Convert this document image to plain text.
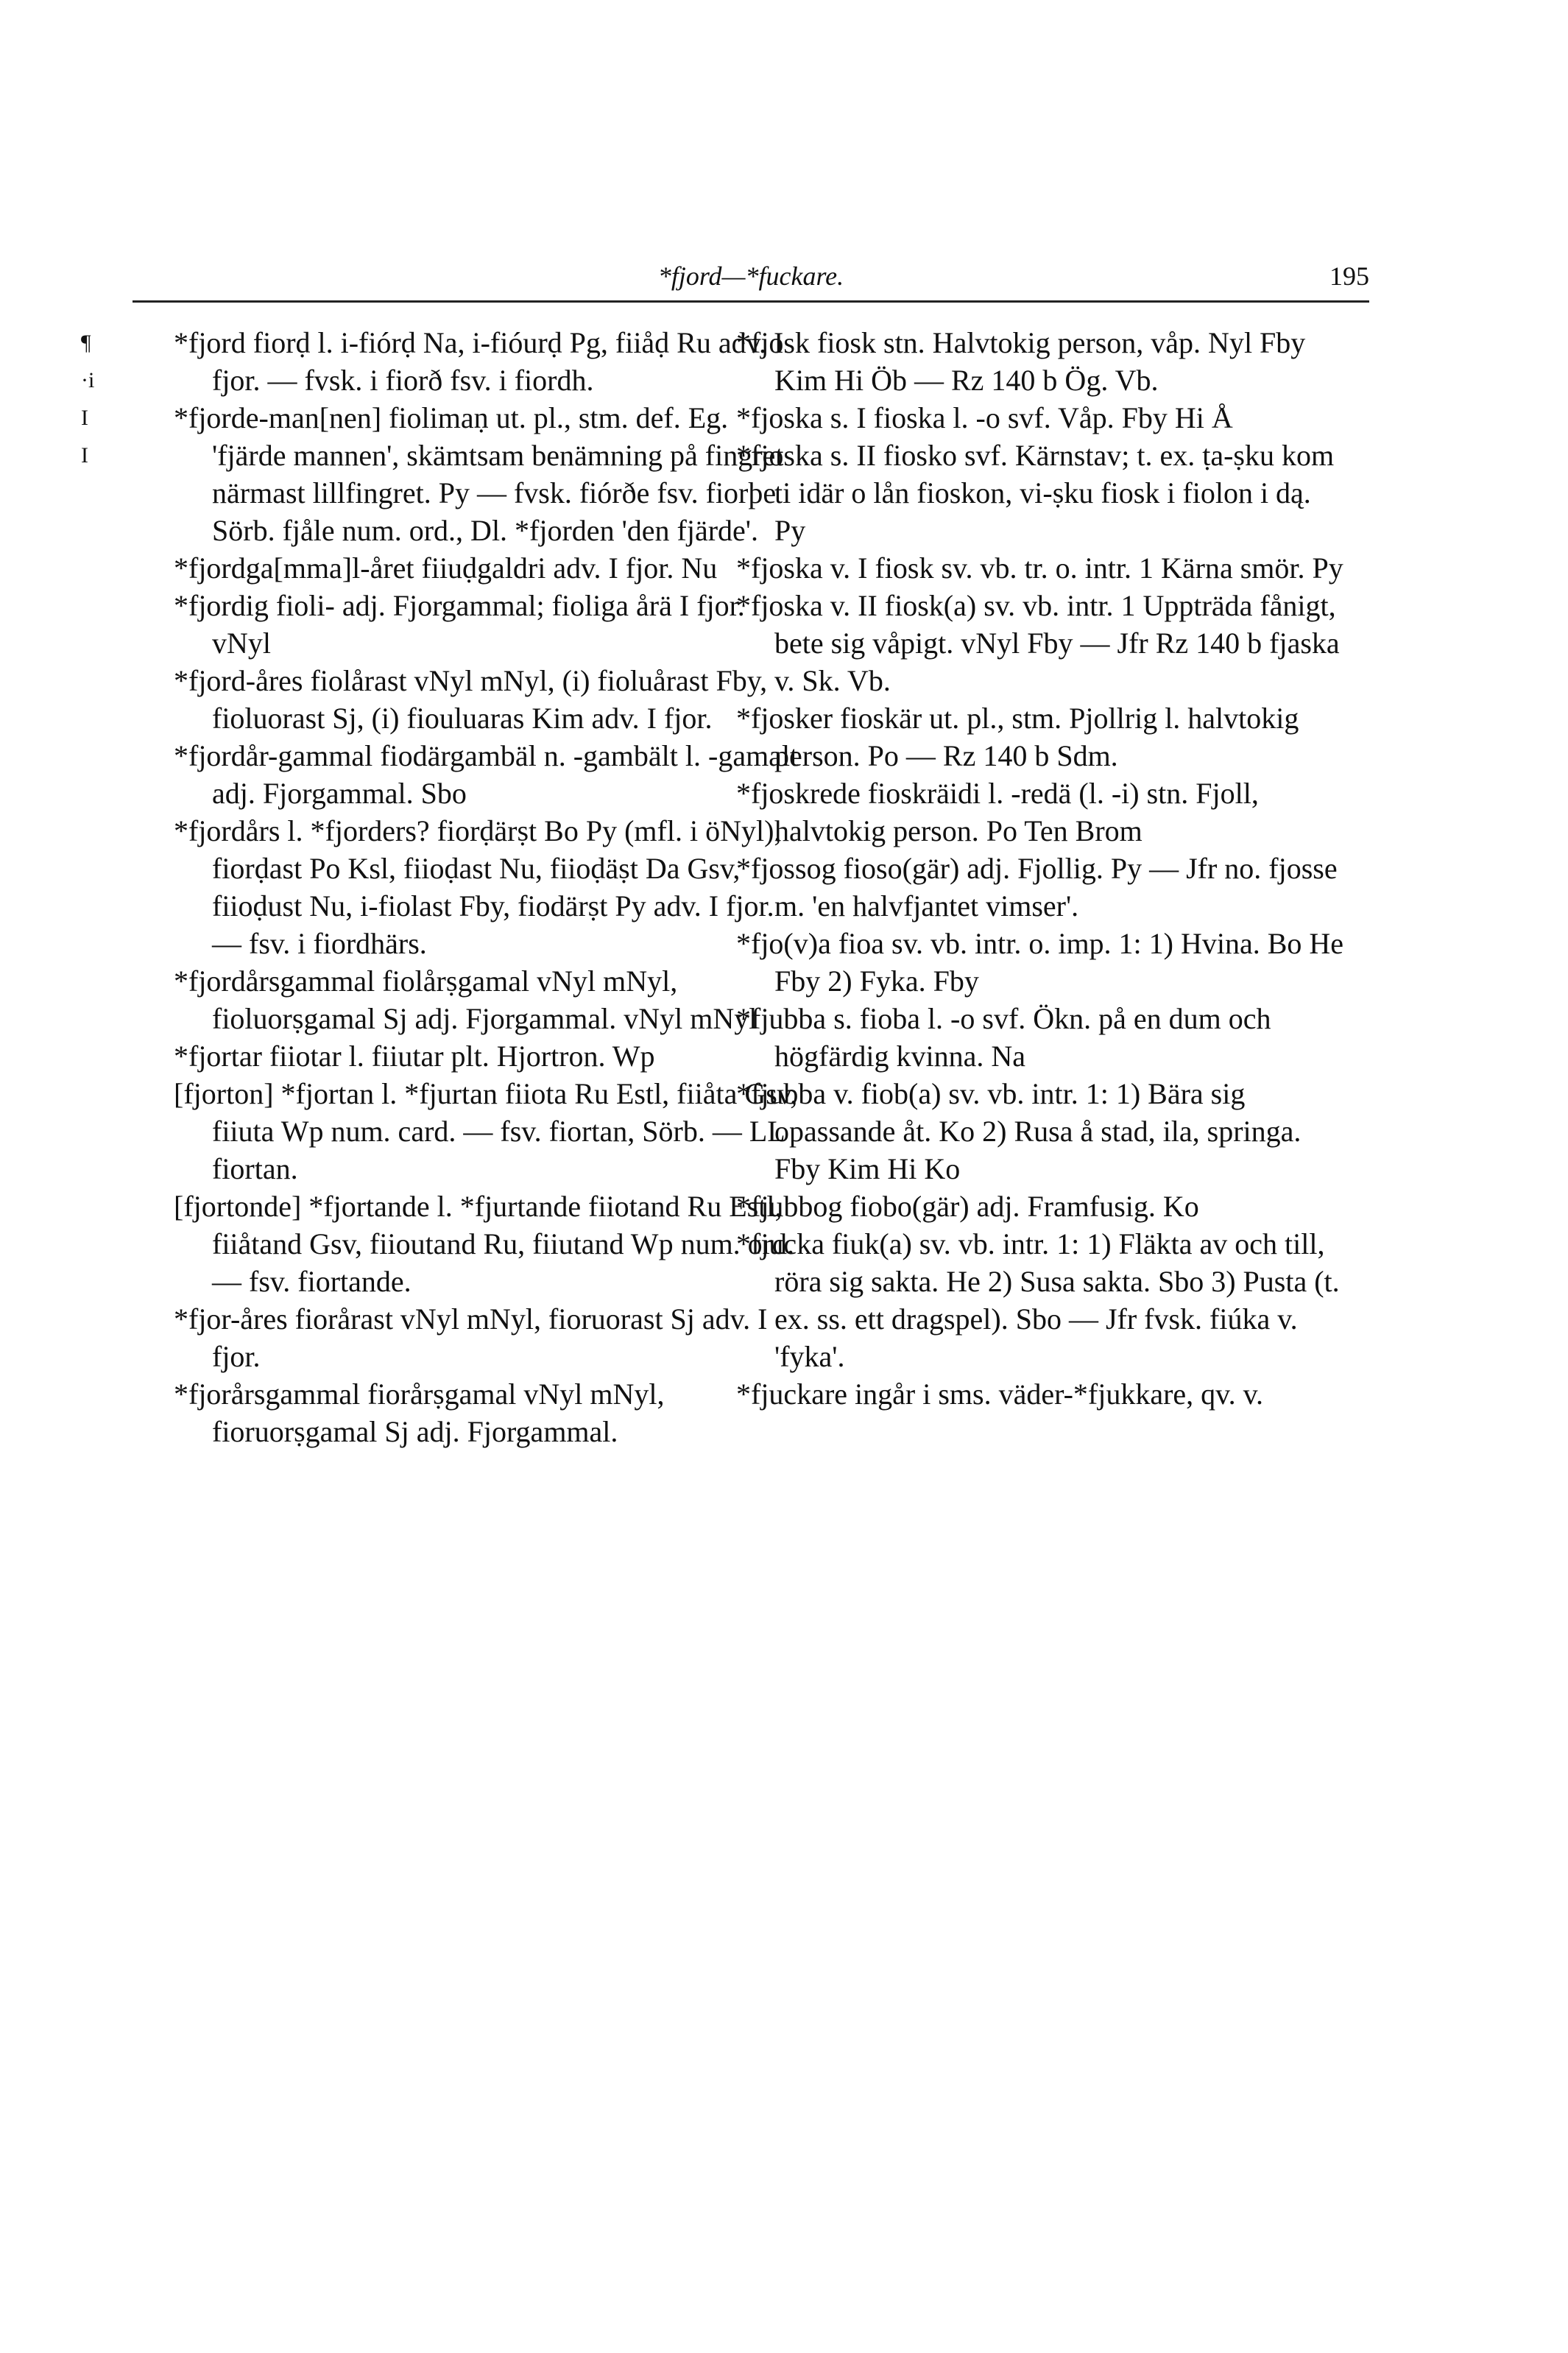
*fjord—*fuckare.	195
¶
·i
I
I

*fjord fiorḍ l. i-fiórḍ Na, i-fióurḍ Pg, fiiåḍ Ru adv. I fjor. — fvsk. i fiorð fsv. i fiordh.

*fjorde-man[nen] fiolimaṇ ut. pl., stm. def. Eg. 'fjärde mannen', skämtsam benämning på fingret närmast lillfingret. Py — fvsk. fiórðe fsv. fiorþe Sörb. fjåle num. ord., Dl. *fjorden 'den fjärde'.

*fjordga[mma]l-året fiiuḍgaldri adv. I fjor. Nu

*fjordig fioli- adj. Fjorgammal; fioliga årä I fjor. vNyl

*fjord-åres fiolårast vNyl mNyl, (i) fioluårast Fby, fioluorast Sj, (i) fiouluaras Kim adv. I fjor.

*fjordår-gammal fiodärgambäl n. -gambält l. -gamalt adj. Fjorgammal. Sbo

*fjordårs l. *fjorders? fiorḍärṣt Bo Py (mfl. i öNyl), fiorḍast Po Ksl, fiioḍast Nu, fiioḍäṣt Da Gsv, fiioḍust Nu, i-fiolast Fby, fiodärṣt Py adv. I fjor. — fsv. i fiordhärs.

*fjordårsgammal fiolårṣgamal vNyl mNyl, fioluorṣgamal Sj adj. Fjorgammal. vNyl mNyl

*fjortar fiiotar l. fiiutar plt. Hjortron. Wp

[fjorton] *fjortan l. *fjurtan fiiota Ru Estl, fiiåta Gsv, fiiuta Wp num. card. — fsv. fiortan, Sörb. — LL fiortan.

[fjortonde] *fjortande l. *fjurtande fiiotand Ru Estl, fiiåtand Gsv, fiioutand Ru, fiiutand Wp num. ord. — fsv. fiortande.

*fjor-åres fiorårast vNyl mNyl, fioruorast Sj adv. I fjor.

*fjorårsgammal fiorårṣgamal vNyl mNyl, fioruorṣgamal Sj adj. Fjorgammal.

*fjosk fiosk stn. Halvtokig person, våp. Nyl Fby Kim Hi Öb — Rz 140 b Ög. Vb.

*fjoska s. I fioska l. -o svf. Våp. Fby Hi Å

*fjoska s. II fiosko svf. Kärnstav; t. ex. ṭa-ṣku kom ti idär o lån fioskon, vi-ṣku fiosk i fiolon i dą. Py

*fjoska v. I fiosk sv. vb. tr. o. intr. 1 Kärna smör. Py

*fjoska v. II fiosk(a) sv. vb. intr. 1 Uppträda fånigt, bete sig våpigt. vNyl Fby — Jfr Rz 140 b fjaska v. Sk. Vb.

*fjosker fioskär ut. pl., stm. Pjollrig l. halvtokig person. Po — Rz 140 b Sdm.

*fjoskrede fioskräidi l. -redä (l. -i) stn. Fjoll, halvtokig person. Po Ten Brom

*fjossog fioso(gär) adj. Fjollig. Py — Jfr no. fjosse m. 'en halvfjantet vimser'.

*fjo(v)a fioa sv. vb. intr. o. imp. 1: 1) Hvina. Bo He Fby 2) Fyka. Fby

*fjubba s. fioba l. -o svf. Ökn. på en dum och högfärdig kvinna. Na

*fjubba v. fiob(a) sv. vb. intr. 1: 1) Bära sig opassande åt. Ko 2) Rusa å stad, ila, springa. Fby Kim Hi Ko

*fjubbog fiobo(gär) adj. Framfusig. Ko

*fjucka fiuk(a) sv. vb. intr. 1: 1) Fläkta av och till, röra sig sakta. He 2) Susa sakta. Sbo 3) Pusta (t. ex. ss. ett dragspel). Sbo — Jfr fvsk. fiúka v. 'fyka'.

*fjuckare ingår i sms. väder-*fjukkare, qv. v.
